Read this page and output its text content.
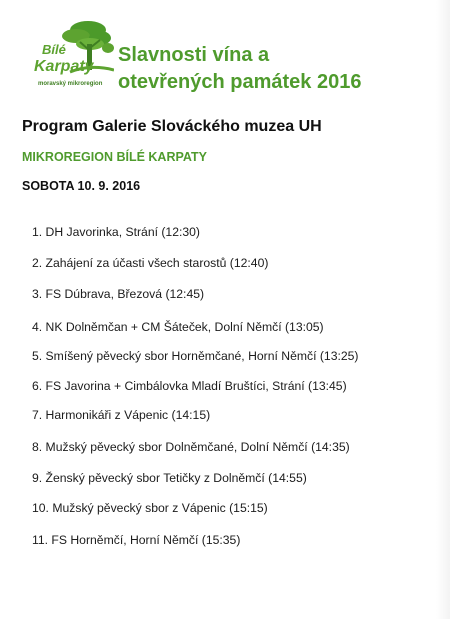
Bílé
Karpaty
moravský mikroregion
Slavnosti vína a
otevřených památek 2016
Program Galerie Slováckého muzea UH
MIKROREGION BÍLÉ KARPATY
SOBOTA 10. 9. 2016
1. DH Javorinka, Strání (12:30)
2. Zahájení za účasti všech starostů (12:40)
3. FS Dúbrava, Březová (12:45)
4. NK Dolněmčan + CM Šáteček, Dolní Němčí (13:05)
5. Smíšený pěvecký sbor Horněmčané, Horní Němčí (13:25)
6. FS Javorina + Cimbálovka Mladí Bruštíci, Strání (13:45)
7. Harmonikáři z Vápenic (14:15)
8. Mužský pěvecký sbor Dolněmčané, Dolní Němčí (14:35)
9. Ženský pěvecký sbor Tetičky z Dolněmčí (14:55)
10. Mužský pěvecký sbor z Vápenic (15:15)
11. FS Horněmčí, Horní Němčí (15:35)
